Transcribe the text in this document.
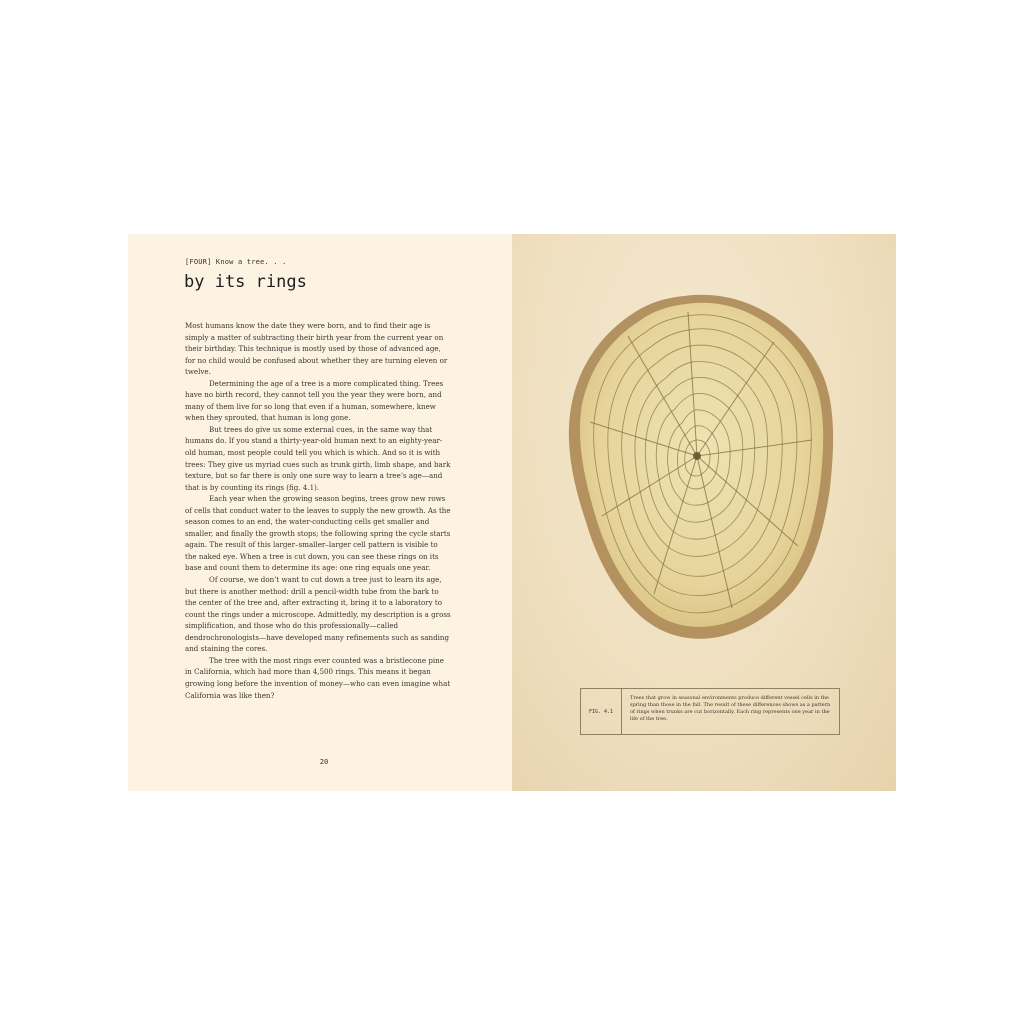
[FOUR] Know a tree. . .
by its rings

Most humans know the date they were born, and to find their age is simply a matter of subtracting their birth year from the current year on their birthday. This technique is mostly used by those of advanced age, for no child would be confused about whether they are turning eleven or twelve.

Determining the age of a tree is a more complicated thing. Trees have no birth record, they cannot tell you the year they were born, and many of them live for so long that even if a human, somewhere, knew when they sprouted, that human is long gone.

But trees do give us some external cues, in the same way that humans do. If you stand a thirty-year-old human next to an eighty-year-old human, most people could tell you which is which. And so it is with trees: They give us myriad cues such as trunk girth, limb shape, and bark texture, but so far there is only one sure way to learn a tree’s age—and that is by counting its rings (fig. 4.1).

Each year when the growing season begins, trees grow new rows of cells that conduct water to the leaves to supply the new growth. As the season comes to an end, the water-conducting cells get smaller and smaller, and finally the growth stops; the following spring the cycle starts again. The result of this larger–smaller–larger cell pattern is visible to the naked eye. When a tree is cut down, you can see these rings on its base and count them to determine its age: one ring equals one year.

Of course, we don’t want to cut down a tree just to learn its age, but there is another method: drill a pencil-width tube from the bark to the center of the tree and, after extracting it, bring it to a laboratory to count the rings under a microscope. Admittedly, my description is a gross simplification, and those who do this professionally—called dendrochronologists—have developed many refinements such as sanding and staining the cores.

The tree with the most rings ever counted was a bristlecone pine in California, which had more than 4,500 rings. This means it began growing long before the invention of money—who can even imagine what California was like then?

20
FIG. 4.1
Trees that grow in seasonal environments produce different vessel cells in the spring than those in the fall. The result of these differences shows as a pattern of rings when trunks are cut horizontally. Each ring represents one year in the life of the tree.
